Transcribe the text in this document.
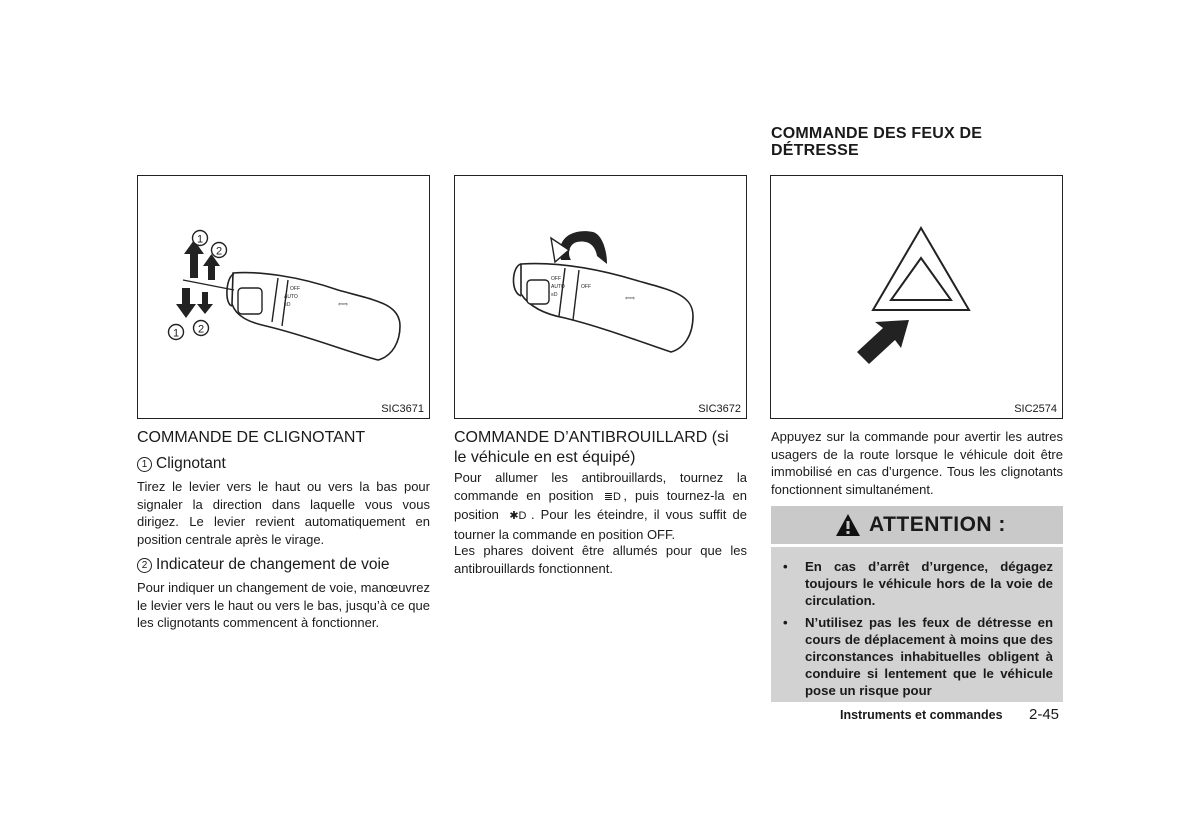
COMMANDE DES FEUX DE
DÉTRESSE
OFF
AUTO
≡D	⇦⇨
1
2
1 2
SIC3671
OFF
AUTO
≡D
OFF
⇦⇨
SIC3672	SIC2574
COMMANDE DE CLIGNOTANT
1 Clignotant
Tirez le levier vers le haut ou vers la bas pour signaler la direction dans laquelle vous vous dirigez. Le levier revient automatiquement en position centrale après le virage.
2 Indicateur de changement de voie
Pour indiquer un changement de voie, manœuvrez le levier vers le haut ou vers le bas, jusqu’à ce que les clignotants commencent à fonctionner.
COMMANDE D’ANTIBROUILLARD (si
le véhicule en est équipé)
Pour allumer les antibrouillards, tournez la commande en position ≣D , puis tournez-la en position ✱D . Pour les éteindre, il vous suffit de tourner la commande en position OFF.
Les phares doivent être allumés pour que les antibrouillards fonctionnent.
Appuyez sur la commande pour avertir les autres usagers de la route lorsque le véhicule doit être immobilisé en cas d’urgence. Tous les clignotants fonctionnent simultanément.
ATTENTION :
• En cas d’arrêt d’urgence, dégagez toujours le véhicule hors de la voie de circulation.
• N’utilisez pas les feux de détresse en cours de déplacement à moins que des circonstances inhabituelles obligent à conduire si lentement que le véhicule pose un risque pour
Instruments et commandes 2-45
